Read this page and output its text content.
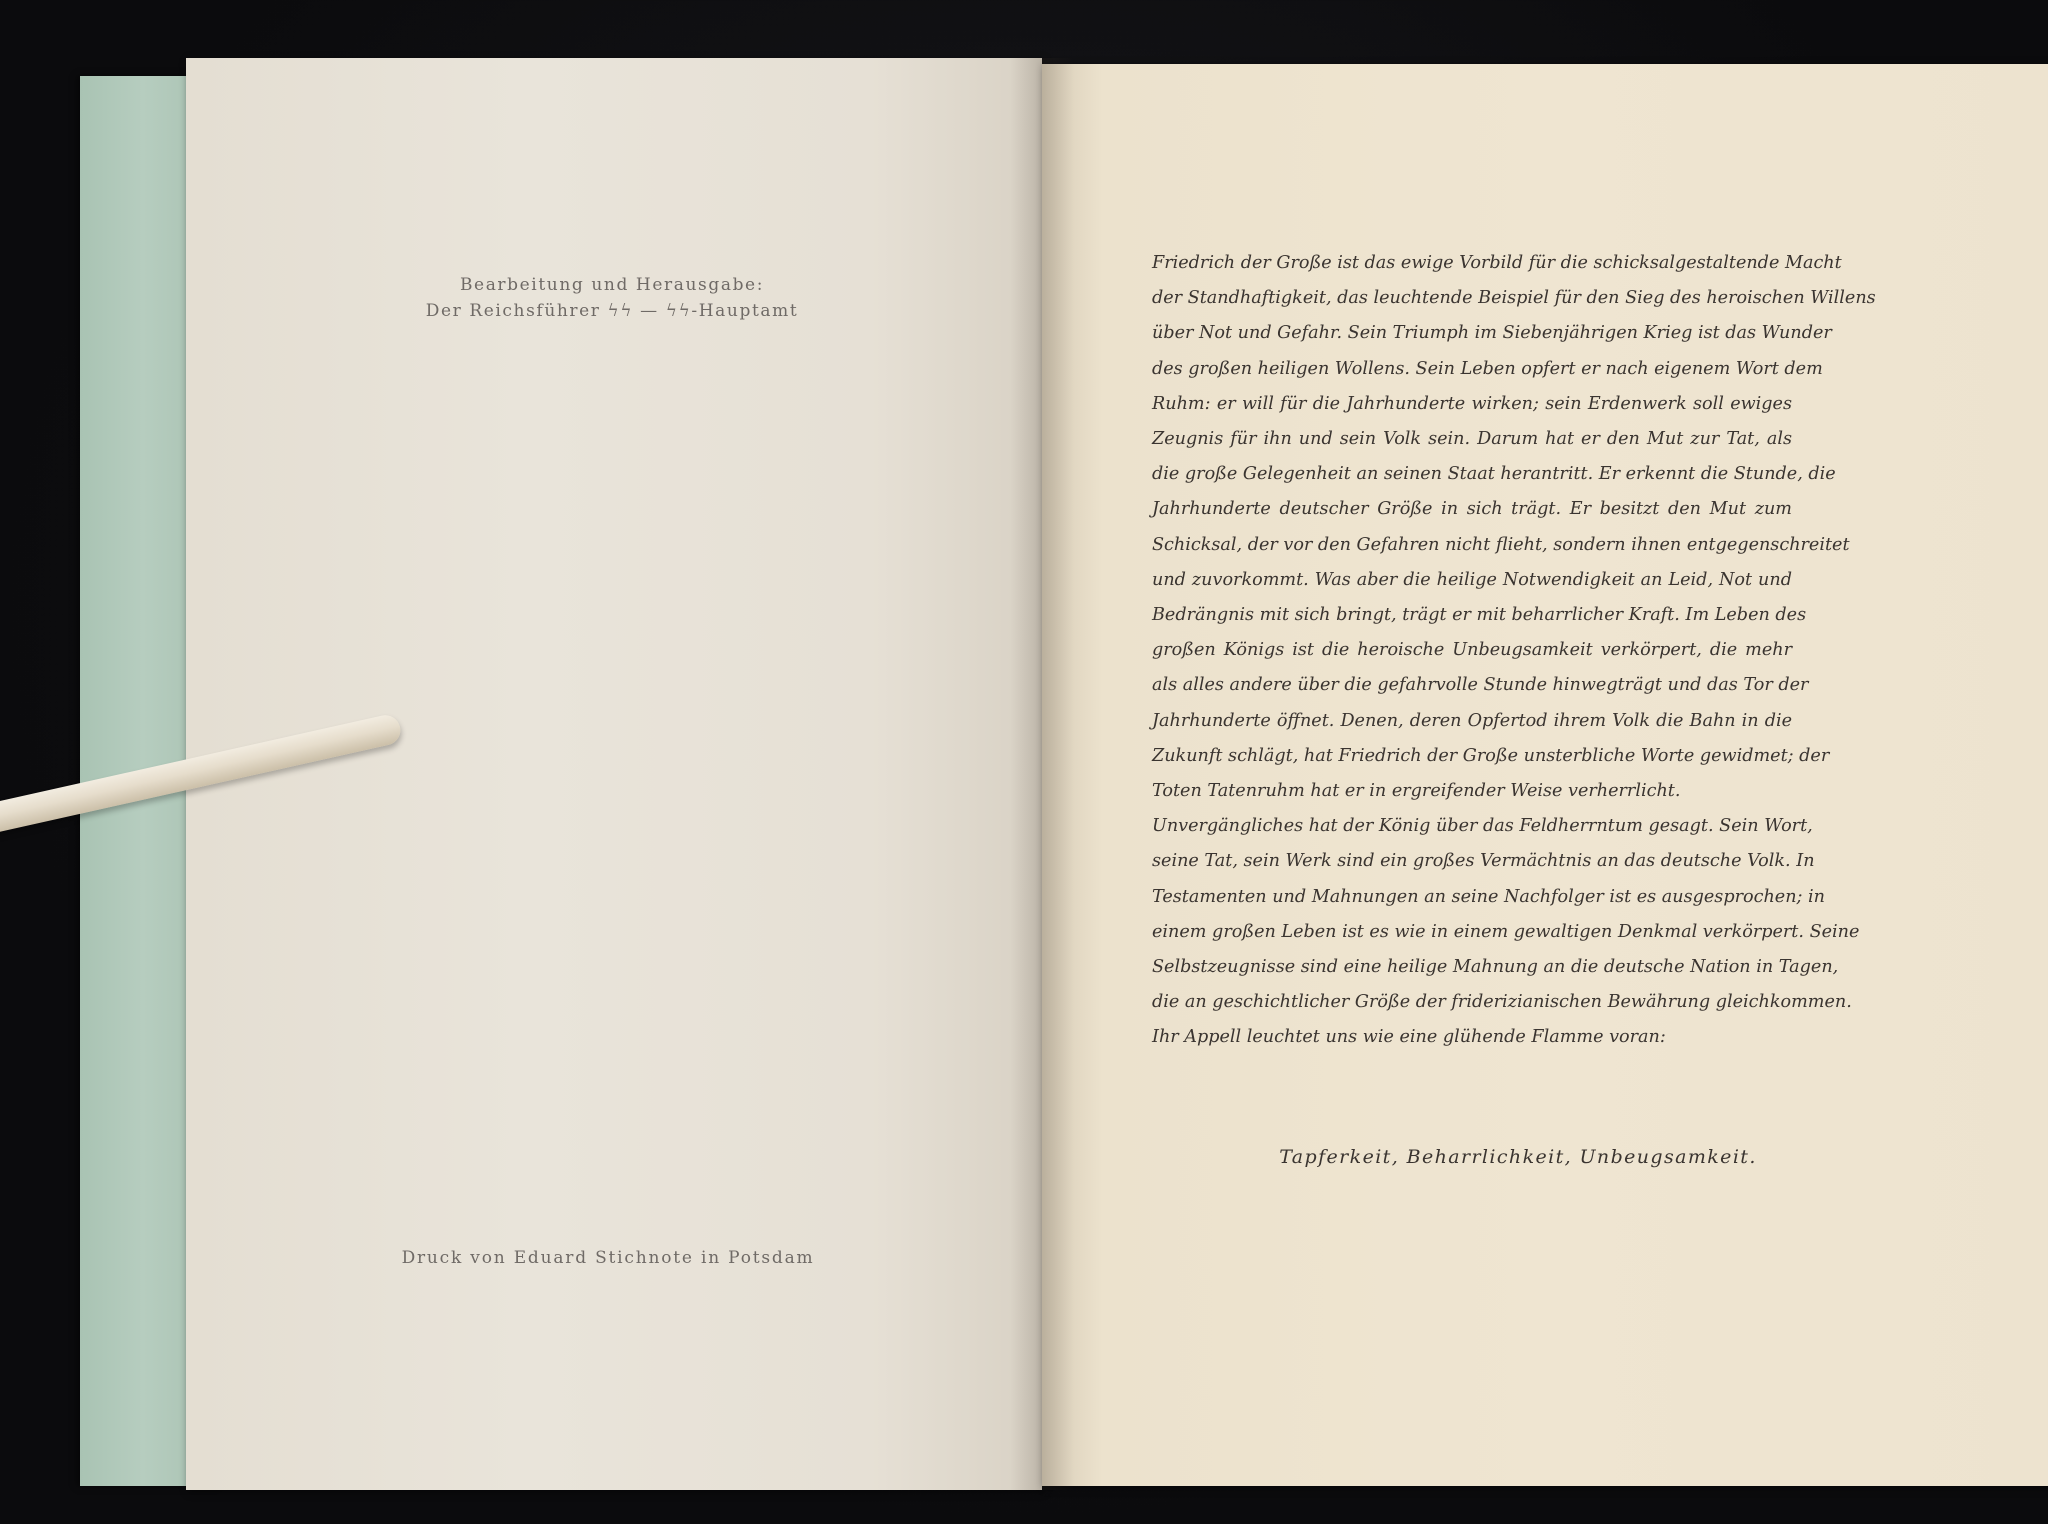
Bearbeitung und Herausgabe:
Der Reichsführer ϟϟ — ϟϟ-Hauptamt
Druck von Eduard Stichnote in Potsdam
Friedrich der Große ist das ewige Vorbild für die schicksalgestaltende Macht
der Standhaftigkeit, das leuchtende Beispiel für den Sieg des heroischen Willens
über Not und Gefahr. Sein Triumph im Siebenjährigen Krieg ist das Wunder
des großen heiligen Wollens. Sein Leben opfert er nach eigenem Wort dem
Ruhm: er will für die Jahrhunderte wirken; sein Erdenwerk soll ewiges
Zeugnis für ihn und sein Volk sein. Darum hat er den Mut zur Tat, als
die große Gelegenheit an seinen Staat herantritt. Er erkennt die Stunde, die
Jahrhunderte deutscher Größe in sich trägt. Er besitzt den Mut zum
Schicksal, der vor den Gefahren nicht flieht, sondern ihnen entgegenschreitet
und zuvorkommt. Was aber die heilige Notwendigkeit an Leid, Not und
Bedrängnis mit sich bringt, trägt er mit beharrlicher Kraft. Im Leben des
großen Königs ist die heroische Unbeugsamkeit verkörpert, die mehr
als alles andere über die gefahrvolle Stunde hinwegträgt und das Tor der
Jahrhunderte öffnet. Denen, deren Opfertod ihrem Volk die Bahn in die
Zukunft schlägt, hat Friedrich der Große unsterbliche Worte gewidmet; der
Toten Tatenruhm hat er in ergreifender Weise verherrlicht.
Unvergängliches hat der König über das Feldherrntum gesagt. Sein Wort,
seine Tat, sein Werk sind ein großes Vermächtnis an das deutsche Volk. In
Testamenten und Mahnungen an seine Nachfolger ist es ausgesprochen; in
einem großen Leben ist es wie in einem gewaltigen Denkmal verkörpert. Seine
Selbstzeugnisse sind eine heilige Mahnung an die deutsche Nation in Tagen,
die an geschichtlicher Größe der friderizianischen Bewährung gleichkommen.
Ihr Appell leuchtet uns wie eine glühende Flamme voran:
Tapferkeit, Beharrlichkeit, Unbeugsamkeit.
